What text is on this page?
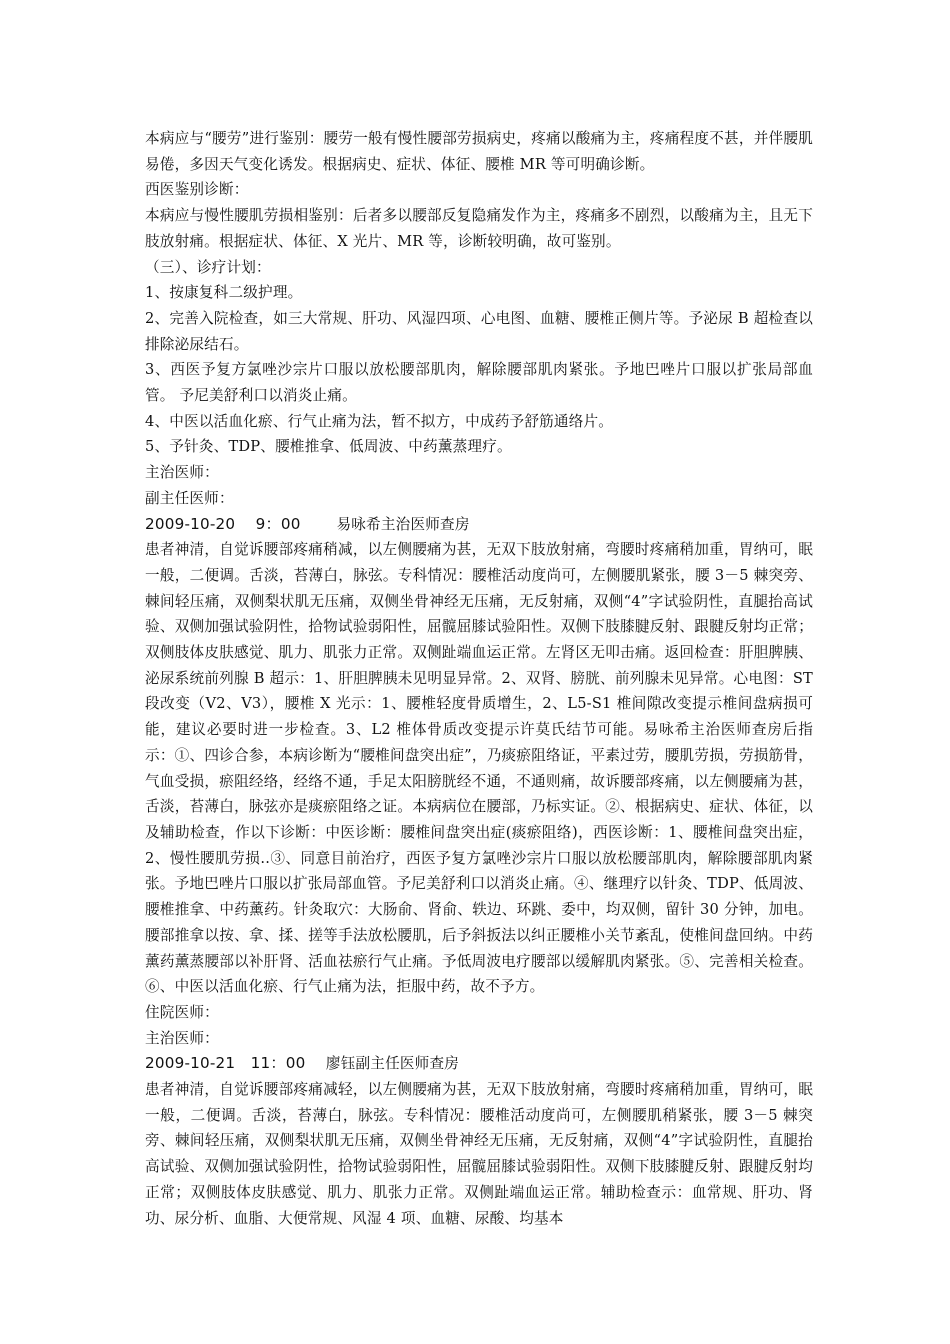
本病应与“腰劳”进行鉴别：腰劳一般有慢性腰部劳损病史，疼痛以酸痛为主，疼痛程度不甚，并伴腰肌易倦，多因天气变化诱发。根据病史、症状、体征、腰椎 MR 等可明确诊断。

西医鉴别诊断：

本病应与慢性腰肌劳损相鉴别：后者多以腰部反复隐痛发作为主，疼痛多不剧烈，以酸痛为主，且无下肢放射痛。根据症状、体征、X 光片、MR 等，诊断较明确，故可鉴别。

（三）、诊疗计划：

1、按康复科二级护理。

2、完善入院检查，如三大常规、肝功、风湿四项、心电图、血糖、腰椎正侧片等。予泌尿 B 超检查以排除泌尿结石。

3、西医予复方氯唑沙宗片口服以放松腰部肌肉，解除腰部肌肉紧张。予地巴唑片口服以扩张局部血管。 予尼美舒利口以消炎止痛。

4、中医以活血化瘀、行气止痛为法，暂不拟方，中成药予舒筋通络片。

5、予针灸、TDP、腰椎推拿、低周波、中药薰蒸理疗。

主治医师：

副主任医师：

2009-10-20　 9：00　　 易咏希主治医师查房

患者神清，自觉诉腰部疼痛稍减，以左侧腰痛为甚，无双下肢放射痛，弯腰时疼痛稍加重，胃纳可，眠一般，二便调。舌淡，苔薄白，脉弦。专科情况：腰椎活动度尚可，左侧腰肌紧张，腰 3－5 棘突旁、棘间轻压痛，双侧梨状肌无压痛，双侧坐骨神经无压痛，无反射痛，双侧“4”字试验阴性，直腿抬高试验、双侧加强试验阴性，拾物试验弱阳性，屈髋屈膝试验阳性。双侧下肢膝腱反射、跟腱反射均正常；双侧肢体皮肤感觉、肌力、肌张力正常。双侧趾端血运正常。左肾区无叩击痛。返回检查：肝胆脾胰、泌尿系统前列腺 B 超示：1、肝胆脾胰未见明显异常。2、双肾、膀胱、前列腺未见异常。心电图：ST 段改变（V2、V3），腰椎 X 光示：1、腰椎轻度骨质增生，2、L5-S1 椎间隙改变提示椎间盘病损可能，建议必要时进一步检查。3、L2 椎体骨质改变提示许莫氏结节可能。易咏希主治医师查房后指示：①、四诊合参，本病诊断为“腰椎间盘突出症”，乃痰瘀阻络证，平素过劳，腰肌劳损，劳损筋骨，气血受损，瘀阻经络，经络不通，手足太阳膀胱经不通，不通则痛，故诉腰部疼痛，以左侧腰痛为甚，舌淡，苔薄白，脉弦亦是痰瘀阻络之证。本病病位在腰部，乃标实证。②、根据病史、症状、体征，以及辅助检查，作以下诊断：中医诊断：腰椎间盘突出症(痰瘀阻络)，西医诊断：1、腰椎间盘突出症，2、慢性腰肌劳损..③、同意目前治疗，西医予复方氯唑沙宗片口服以放松腰部肌肉，解除腰部肌肉紧张。予地巴唑片口服以扩张局部血管。予尼美舒利口以消炎止痛。④、继理疗以针灸、TDP、低周波、腰椎推拿、中药薰药。针灸取穴：大肠俞、肾俞、轶边、环跳、委中，均双侧，留针 30 分钟，加电。腰部推拿以按、拿、揉、搓等手法放松腰肌，后予斜扳法以纠正腰椎小关节紊乱，使椎间盘回纳。中药薰药薰蒸腰部以补肝肾、活血祛瘀行气止痛。予低周波电疗腰部以缓解肌肉紧张。⑤、完善相关检查。⑥、中医以活血化瘀、行气止痛为法，拒服中药，故不予方。

住院医师：

主治医师：

2009-10-21　11：00　 廖钰副主任医师查房

患者神清，自觉诉腰部疼痛减轻，以左侧腰痛为甚，无双下肢放射痛，弯腰时疼痛稍加重，胃纳可，眠一般，二便调。舌淡，苔薄白，脉弦。专科情况：腰椎活动度尚可，左侧腰肌稍紧张，腰 3－5 棘突旁、棘间轻压痛，双侧梨状肌无压痛，双侧坐骨神经无压痛，无反射痛，双侧“4”字试验阴性，直腿抬高试验、双侧加强试验阴性，拾物试验弱阳性，屈髋屈膝试验弱阳性。双侧下肢膝腱反射、跟腱反射均正常；双侧肢体皮肤感觉、肌力、肌张力正常。双侧趾端血运正常。辅助检查示：血常规、肝功、肾功、尿分析、血脂、大便常规、风湿 4 项、血糖、尿酸、均基本
